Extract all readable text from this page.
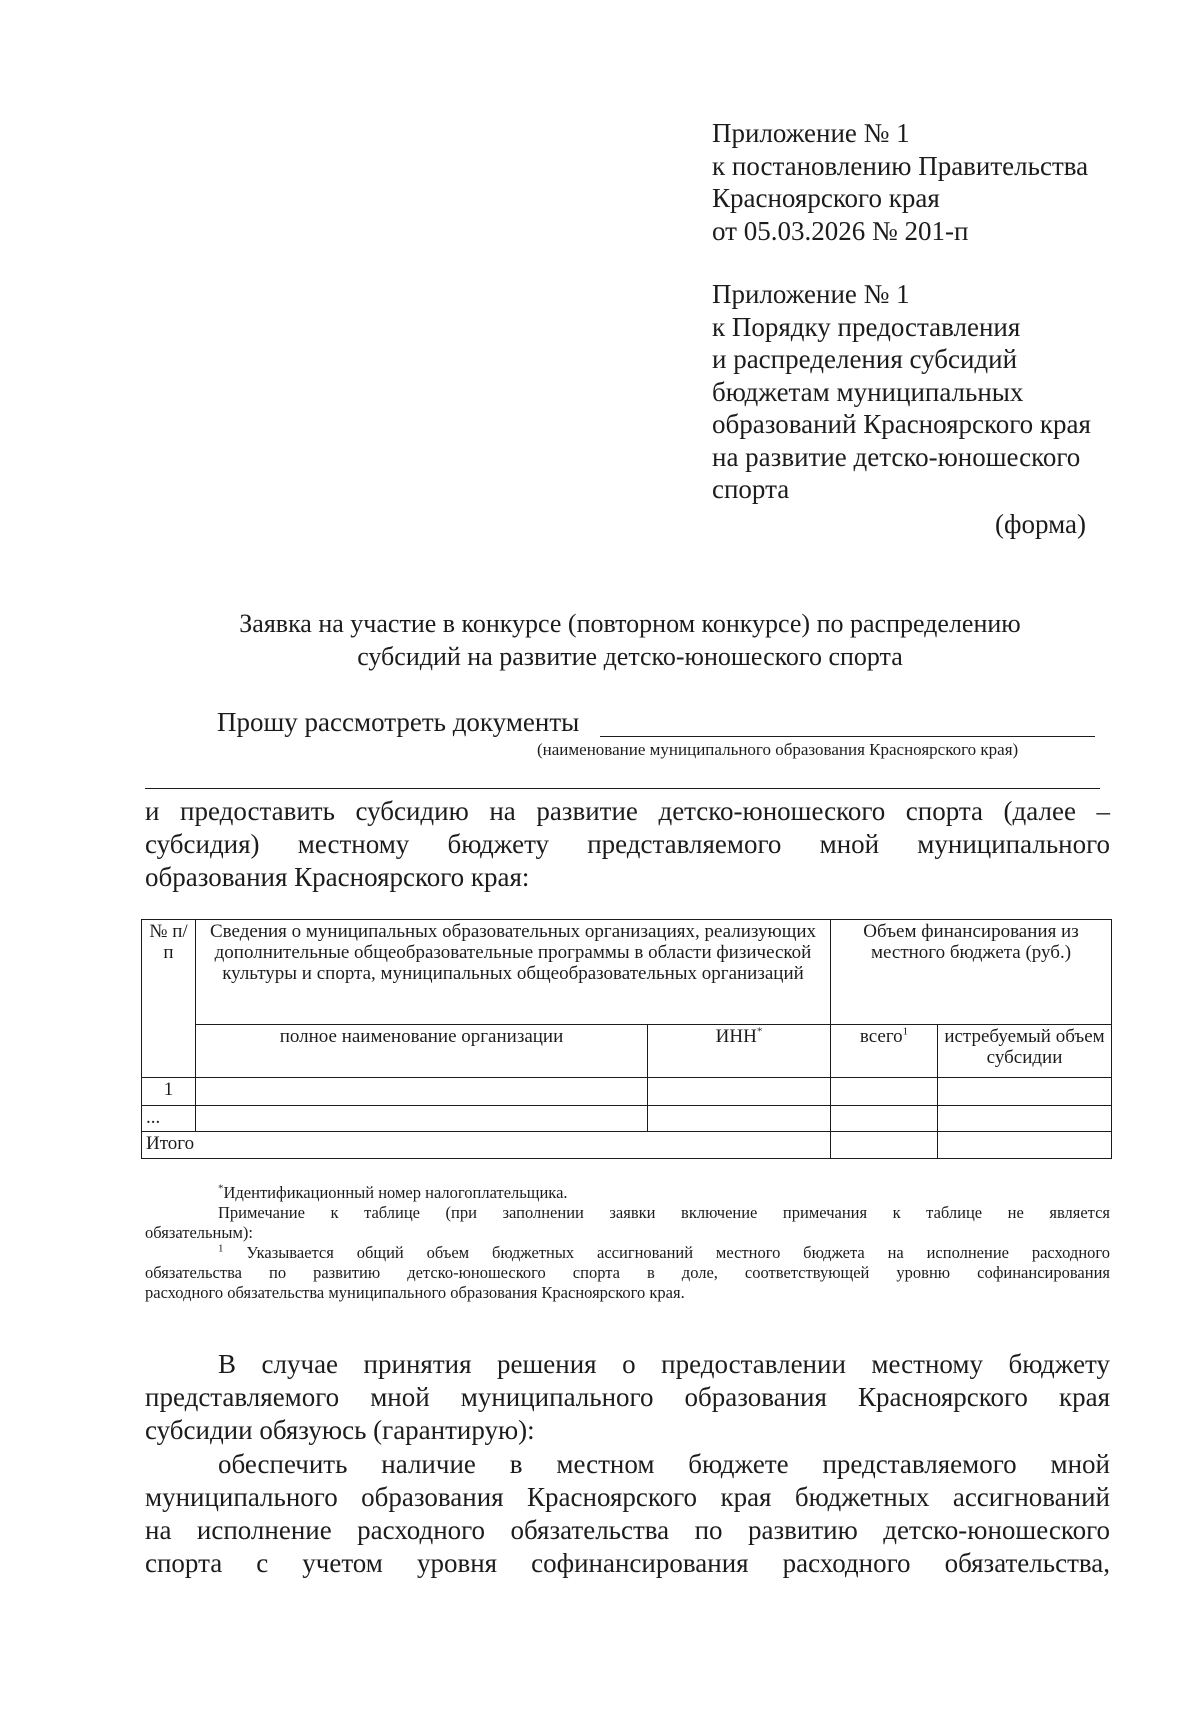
Приложение № 1
к постановлению Правительства
Красноярского края
от 05.03.2026 № 201-п
Приложение № 1
к Порядку предоставления
и распределения субсидий
бюджетам муниципальных
образований Красноярского края
на развитие детско-юношеского
спорта
(форма)
Заявка на участие в конкурсе (повторном конкурсе) по распределению
субсидий на развитие детско-юношеского спорта
Прошу рассмотреть документы
(наименование муниципального образования Красноярского края)
и предоставить субсидию на развитие детско-юношеского спорта (далее –
субсидия) местному бюджету представляемого мной муниципального
образования Красноярского края:
№ п/п	Сведения о муниципальных образовательных организациях, реализующих дополнительные общеобразовательные программы в области физической культуры и спорта, муниципальных общеобразовательных организаций		Объем финансирования из местного бюджета (руб.)	
	полное наименование организации	ИНН*	всего$^1$	истребуемый объем субсидии
1				
...				
Итого				
*Идентификационный номер налогоплательщика.
Примечание к таблице (при заполнении заявки включение примечания к таблице не является
обязательным):
$^1$ Указывается общий объем бюджетных ассигнований местного бюджета на исполнение расходного
обязательства по развитию детско-юношеского спорта в доле, соответствующей уровню софинансирования
расходного обязательства муниципального образования Красноярского края.
В случае принятия решения о предоставлении местному бюджету
представляемого мной муниципального образования Красноярского края
субсидии обязуюсь (гарантирую):
обеспечить наличие в местном бюджете представляемого мной
муниципального образования Красноярского края бюджетных ассигнований
на исполнение расходного обязательства по развитию детско-юношеского
спорта с учетом уровня софинансирования расходного обязательства,
